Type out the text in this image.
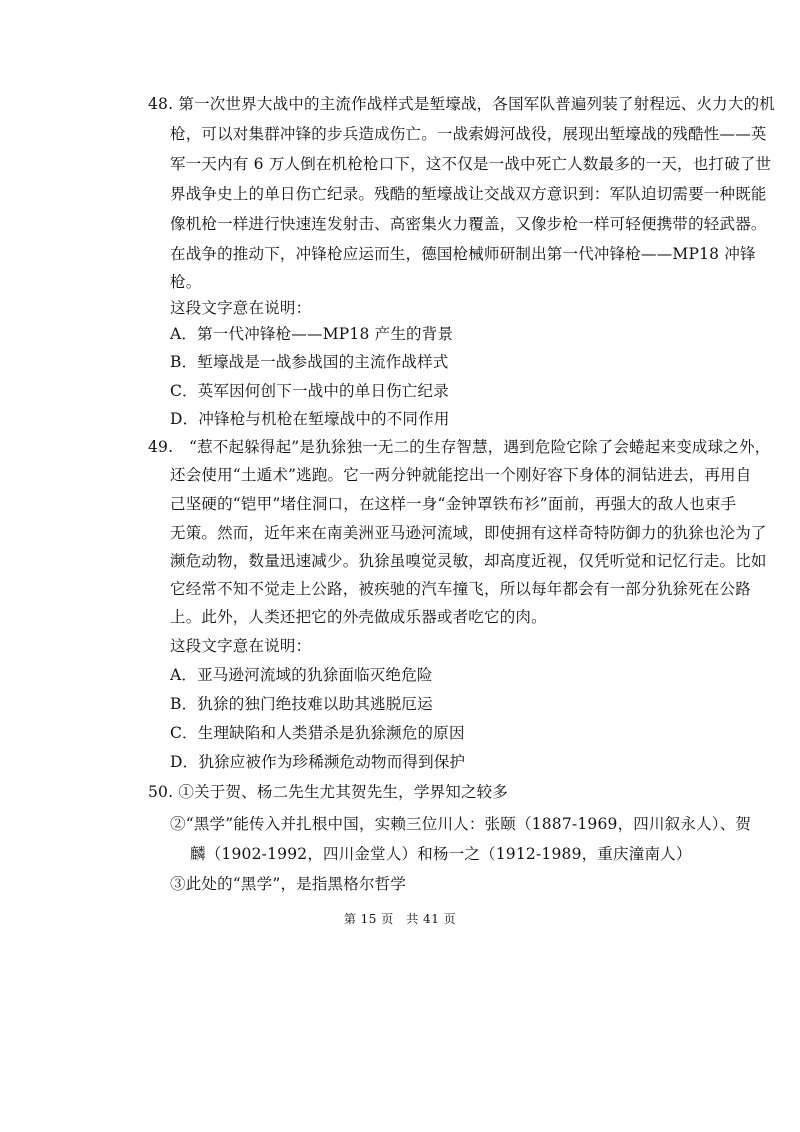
48. 第一次世界大战中的主流作战样式是堑壕战，各国军队普遍列装了射程远、火力大的机
枪，可以对集群冲锋的步兵造成伤亡。一战索姆河战役，展现出堑壕战的残酷性——英
军一天内有 6 万人倒在机枪枪口下，这不仅是一战中死亡人数最多的一天，也打破了世
界战争史上的单日伤亡纪录。残酷的堑壕战让交战双方意识到：军队迫切需要一种既能
像机枪一样进行快速连发射击、高密集火力覆盖，又像步枪一样可轻便携带的轻武器。
在战争的推动下，冲锋枪应运而生，德国枪械师研制出第一代冲锋枪——MP18 冲锋
枪。
这段文字意在说明：
A．第一代冲锋枪——MP18 产生的背景
B．堑壕战是一战参战国的主流作战样式
C．英军因何创下一战中的单日伤亡纪录
D．冲锋枪与机枪在堑壕战中的不同作用
49.　“惹不起躲得起”是犰狳独一无二的生存智慧，遇到危险它除了会蜷起来变成球之外，
还会使用“土遁术”逃跑。它一两分钟就能挖出一个刚好容下身体的洞钻进去，再用自
己坚硬的“铠甲”堵住洞口，在这样一身“金钟罩铁布衫”面前，再强大的敌人也束手
无策。然而，近年来在南美洲亚马逊河流域，即使拥有这样奇特防御力的犰狳也沦为了
濒危动物，数量迅速减少。犰狳虽嗅觉灵敏，却高度近视，仅凭听觉和记忆行走。比如
它经常不知不觉走上公路，被疾驰的汽车撞飞，所以每年都会有一部分犰狳死在公路
上。此外，人类还把它的外壳做成乐器或者吃它的肉。
这段文字意在说明：
A．亚马逊河流域的犰狳面临灭绝危险
B．犰狳的独门绝技难以助其逃脱厄运
C．生理缺陷和人类猎杀是犰狳濒危的原因
D．犰狳应被作为珍稀濒危动物而得到保护
50. ①关于贺、杨二先生尤其贺先生，学界知之较多
②“黑学”能传入并扎根中国，实赖三位川人：张颐（1887-1969，四川叙永人）、贺
麟（1902-1992，四川金堂人）和杨一之（1912-1989，重庆潼南人）
③此处的“黑学”，是指黑格尔哲学
第 15 页　共 41 页
